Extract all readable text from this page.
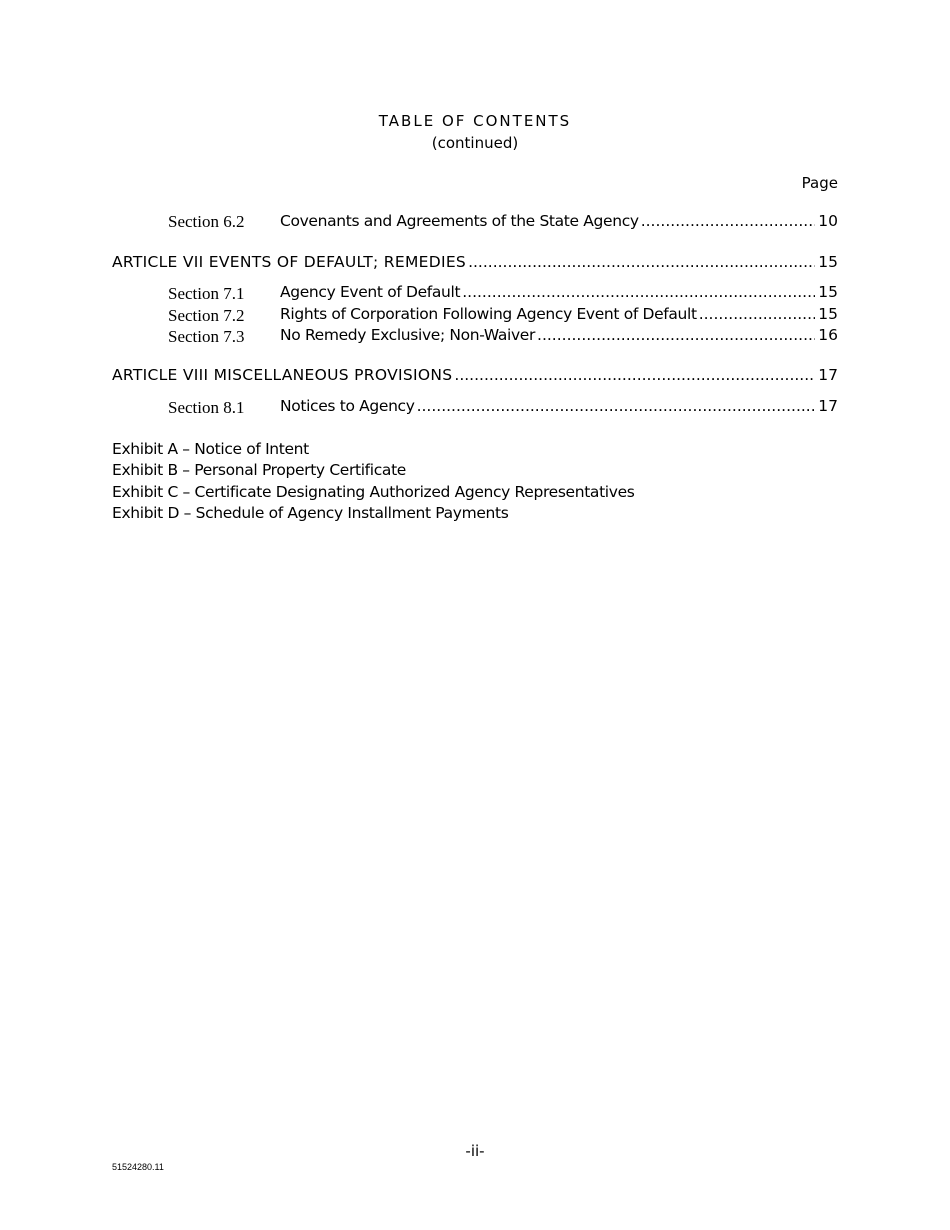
TABLE OF CONTENTS
(continued)
Page
Section 6.2 Covenants and Agreements of the State Agency .....	10
ARTICLE VII EVENTS OF DEFAULT; REMEDIES .....	15
Section 7.1 Agency Event of Default .....	15
Section 7.2 Rights of Corporation Following Agency Event of Default .....	15
Section 7.3 No Remedy Exclusive; Non-Waiver .....	16
ARTICLE VIII MISCELLANEOUS PROVISIONS .....	17
Section 8.1 Notices to Agency .....	17
Exhibit A – Notice of Intent
Exhibit B – Personal Property Certificate
Exhibit C – Certificate Designating Authorized Agency Representatives
Exhibit D – Schedule of Agency Installment Payments
-ii-
51524280.11
